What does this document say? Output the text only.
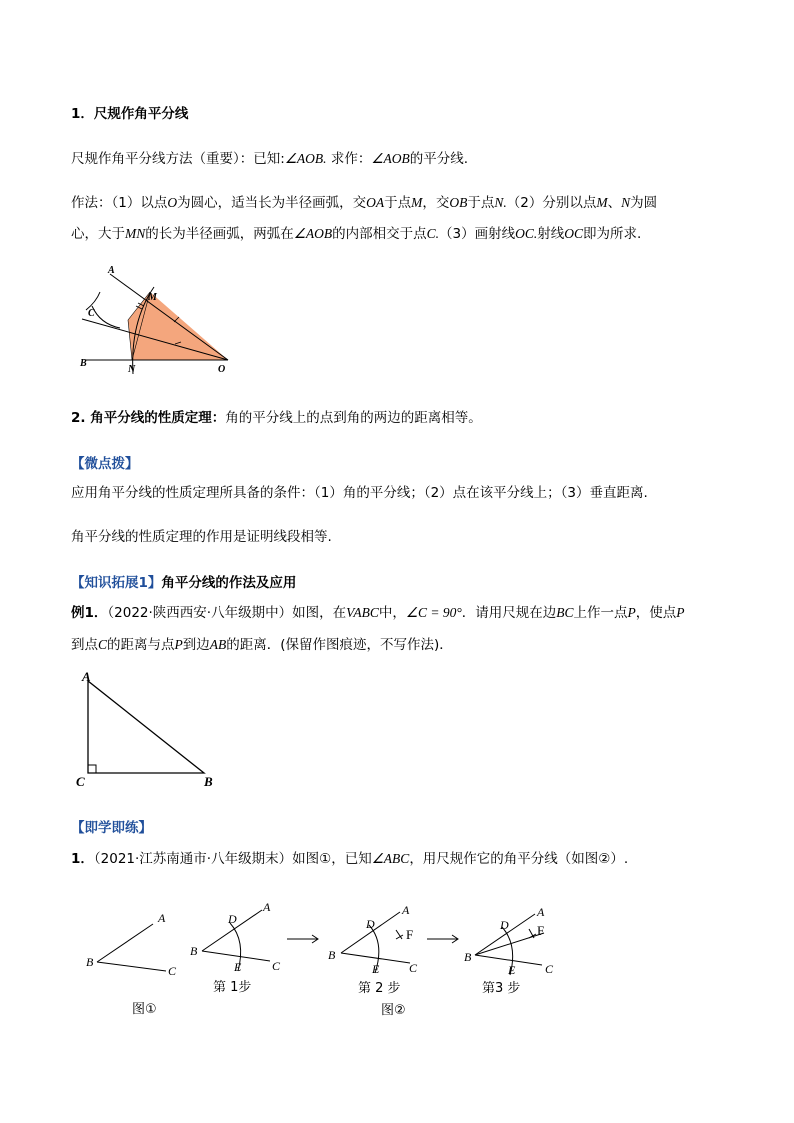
1．尺规作角平分线
尺规作角平分线方法（重要）：已知:∠AOB. 求作：∠AOB的平分线.
作法：（1）以点O为圆心，适当长为半径画弧，交OA于点M，交OB于点N.（2）分别以点M、N为圆
心，大于MN的长为半径画弧，两弧在∠AOB的内部相交于点C.（3）画射线OC.射线OC即为所求.
A
M
C
B
N	O
2. 角平分线的性质定理：角的平分线上的点到角的两边的距离相等。
【微点拨】
应用角平分线的性质定理所具备的条件：（1）角的平分线；（2）点在该平分线上；（3）垂直距离.
角平分线的性质定理的作用是证明线段相等.
【知识拓展1】角平分线的作法及应用
例1．（2022·陕西西安·八年级期中）如图，在VABC中，∠C = 90°．请用尺规在边BC上作一点P，使点P
到点C的距离与点P到边AB的距离．(保留作图痕迹，不写作法)．
A
C	B
【即学即练】
1．（2021·江苏南通市·八年级期末）如图①，已知∠ABC，用尺规作它的角平分线（如图②）.
A
B
C
A
D
B
E	C
A
D
F
B
E C
A
D F
B
E C
第 1步	第 2 步	第3 步
图①	图②
